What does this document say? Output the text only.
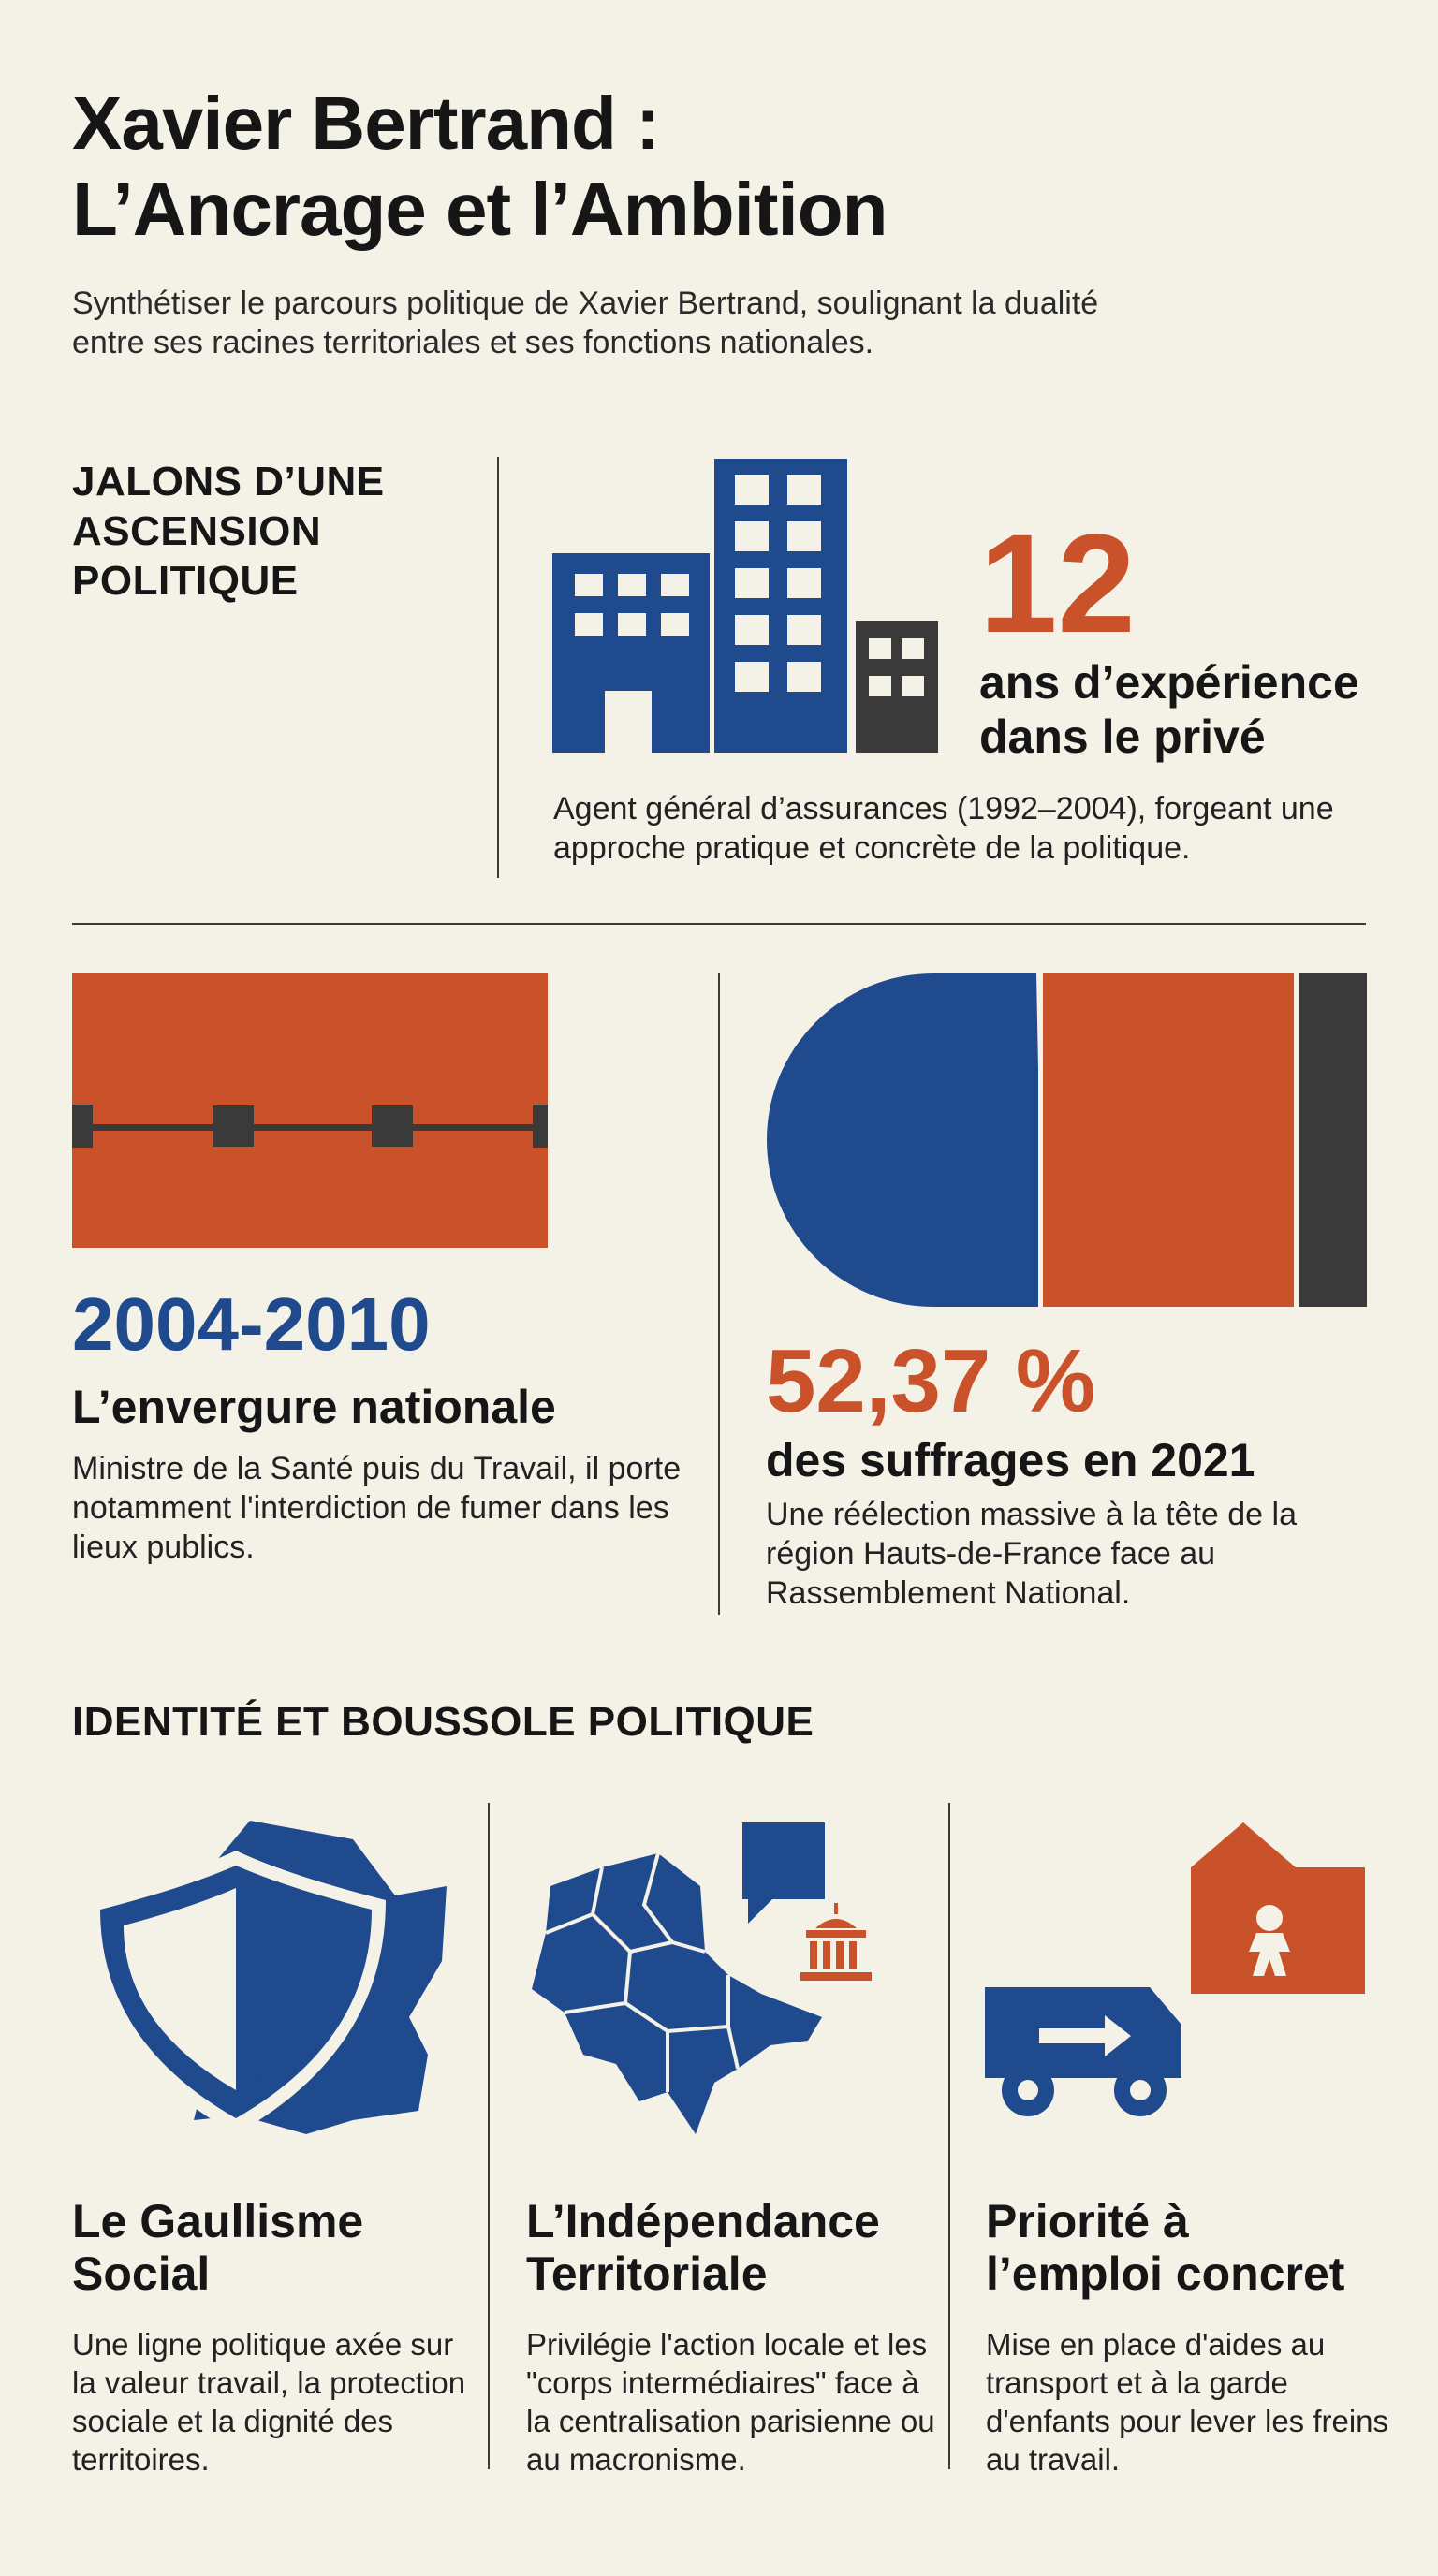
Xavier Bertrand :
L’Ancrage et l’Ambition
Synthétiser le parcours politique de Xavier Bertrand, soulignant la dualité entre ses racines territoriales et ses fonctions nationales.
JALONS D’UNE
ASCENSION
POLITIQUE	12
ans d’expérience
dans le privé
Agent général d’assurances (1992–2004), forgeant une approche pratique et concrète de la politique.
2004-2010
L’envergure nationale
Ministre de la Santé puis du Travail, il porte notamment l'interdiction de fumer dans les lieux publics.
52,37 %
des suffrages en 2021
Une réélection massive à la tête de la région Hauts-de-France face au Rassemblement National.
IDENTITÉ ET BOUSSOLE POLITIQUE
Le Gaullisme
Social
Une ligne politique axée sur la valeur travail, la protection sociale et la dignité des territoires.
L’Indépendance
Territoriale
Privilégie l'action locale et les "corps intermédiaires" face à la centralisation parisienne ou au macronisme.
Priorité à
l’emploi concret
Mise en place d'aides au transport et à la garde d'enfants pour lever les freins au travail.
